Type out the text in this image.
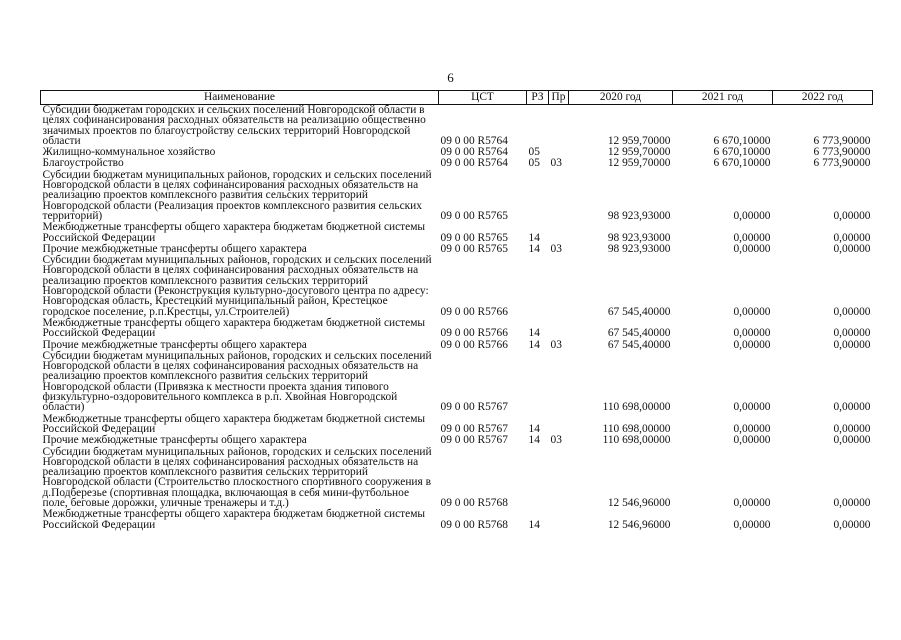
6
Наименование	ЦСТ	РЗ	Пр	2020 год	2021 год	2022 год
Субсидии бюджетам городских и сельских поселений Новгородской области в целях софинансирования расходных обязательств на реализацию общественно значимых проектов по благоустройству сельских территорий Новгородской области	09 0 00 R5764			12 959,70000	6 670,10000	6 773,90000
Жилищно-коммунальное хозяйство	09 0 00 R5764	05		12 959,70000	6 670,10000	6 773,90000
Благоустройство	09 0 00 R5764	05	03	12 959,70000	6 670,10000	6 773,90000
Субсидии бюджетам муниципальных районов, городских и сельских поселений Новгородской области в целях софинансирования расходных обязательств на реализацию проектов комплексного развития сельских территорий Новгородской области (Реализация проектов комплексного развития сельских территорий)	09 0 00 R5765			98 923,93000	0,00000	0,00000
Межбюджетные трансферты общего характера бюджетам бюджетной системы Российской Федерации	09 0 00 R5765	14		98 923,93000	0,00000	0,00000
Прочие межбюджетные трансферты общего характера	09 0 00 R5765	14	03	98 923,93000	0,00000	0,00000
Субсидии бюджетам муниципальных районов, городских и сельских поселений Новгородской области в целях софинансирования расходных обязательств на реализацию проектов комплексного развития сельских территорий Новгородской области (Реконструкция культурно-досугового центра по адресу: Новгородская область, Крестецкий муниципальный район, Крестецкое городское поселение, р.п.Крестцы, ул.Строителей)	09 0 00 R5766			67 545,40000	0,00000	0,00000
Межбюджетные трансферты общего характера бюджетам бюджетной системы Российской Федерации	09 0 00 R5766	14		67 545,40000	0,00000	0,00000
Прочие межбюджетные трансферты общего характера	09 0 00 R5766	14	03	67 545,40000	0,00000	0,00000
Субсидии бюджетам муниципальных районов, городских и сельских поселений Новгородской области в целях софинансирования расходных обязательств на реализацию проектов комплексного развития сельских территорий Новгородской области (Привязка к местности проекта здания типового физкультурно-оздоровительного комплекса в р.п. Хвойная Новгородской области)	09 0 00 R5767			110 698,00000	0,00000	0,00000
Межбюджетные трансферты общего характера бюджетам бюджетной системы Российской Федерации	09 0 00 R5767	14		110 698,00000	0,00000	0,00000
Прочие межбюджетные трансферты общего характера	09 0 00 R5767	14	03	110 698,00000	0,00000	0,00000
Субсидии бюджетам муниципальных районов, городских и сельских поселений Новгородской области в целях софинансирования расходных обязательств на реализацию проектов комплексного развития сельских территорий Новгородской области (Строительство плоскостного спортивного сооружения в д.Подберезье (спортивная площадка, включающая в себя мини-футбольное поле, беговые дорожки, уличные тренажеры и т.д.)	09 0 00 R5768			12 546,96000	0,00000	0,00000
Межбюджетные трансферты общего характера бюджетам бюджетной системы Российской Федерации	09 0 00 R5768	14		12 546,96000	0,00000	0,00000
